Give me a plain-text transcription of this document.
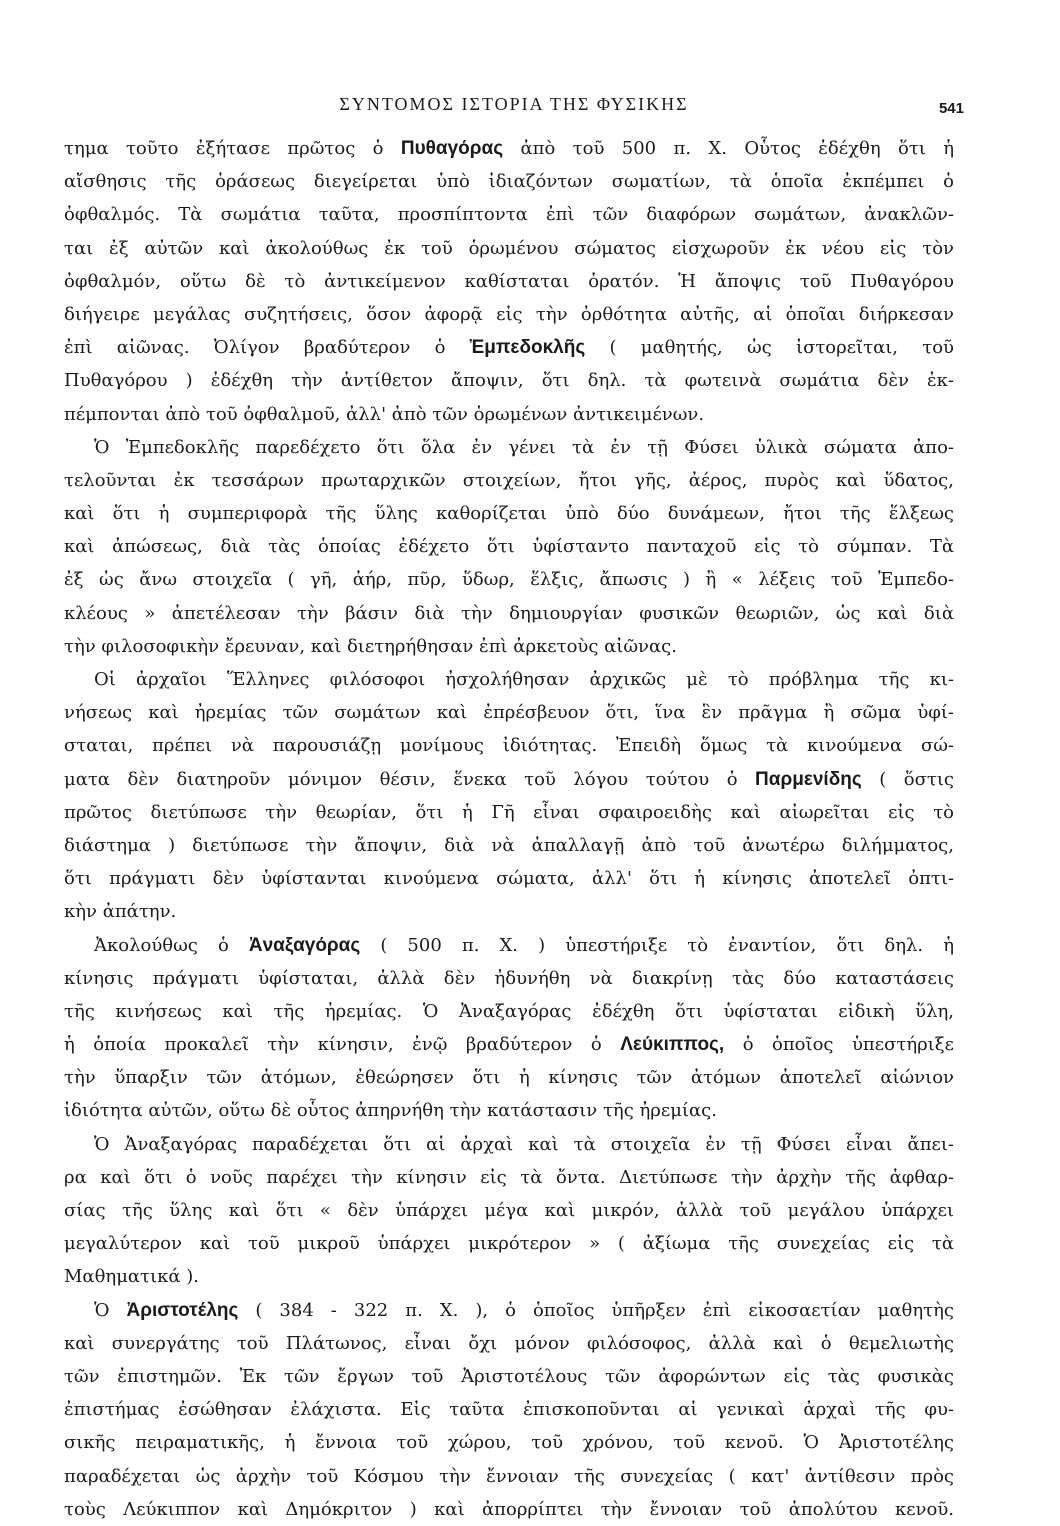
ΣΥΝΤΟΜΟΣ ΙΣΤΟΡΙΑ ΤΗΣ ΦΥΣΙΚΗΣ	541
τημα τοῦτο ἐξήτασε πρῶτος ὁ Πυθαγόρας ἀπὸ τοῦ 500 π. Χ. Οὗτος ἐδέχθη ὅτι ἡ
αἴσθησις τῆς ὁράσεως διεγείρεται ὑπὸ ἰδιαζόντων σωματίων, τὰ ὁποῖα ἐκπέμπει ὁ
ὀφθαλμός. Τὰ σωμάτια ταῦτα, προσπίπτοντα ἐπὶ τῶν διαφόρων σωμάτων, ἀνακλῶν-
ται ἐξ αὐτῶν καὶ ἀκολούθως ἐκ τοῦ ὁρωμένου σώματος εἰσχωροῦν ἐκ νέου εἰς τὸν
ὀφθαλμόν, οὕτω δὲ τὸ ἀντικείμενον καθίσταται ὁρατόν. Ἡ ἄποψις τοῦ Πυθαγόρου
διήγειρε μεγάλας συζητήσεις, ὅσον ἀφορᾷ εἰς τὴν ὀρθότητα αὐτῆς, αἱ ὁποῖαι διήρκεσαν
ἐπὶ αἰῶνας. Ὀλίγον βραδύτερον ὁ Ἐμπεδοκλῆς ( μαθητής, ὡς ἱστορεῖται, τοῦ
Πυθαγόρου ) ἐδέχθη τὴν ἀντίθετον ἄποψιν, ὅτι δηλ. τὰ φωτεινὰ σωμάτια δὲν ἐκ-
πέμπονται ἀπὸ τοῦ ὀφθαλμοῦ, ἀλλ' ἀπὸ τῶν ὁρωμένων ἀντικειμένων.
Ὁ Ἐμπεδοκλῆς παρεδέχετο ὅτι ὅλα ἐν γένει τὰ ἐν τῇ Φύσει ὑλικὰ σώματα ἀπο-
τελοῦνται ἐκ τεσσάρων πρωταρχικῶν στοιχείων, ἤτοι γῆς, ἀέρος, πυρὸς καὶ ὕδατος,
καὶ ὅτι ἡ συμπεριφορὰ τῆς ὕλης καθορίζεται ὑπὸ δύο δυνάμεων, ἤτοι τῆς ἕλξεως
καὶ ἀπώσεως, διὰ τὰς ὁποίας ἐδέχετο ὅτι ὑφίσταντο πανταχοῦ εἰς τὸ σύμπαν. Τὰ
ἐξ ὡς ἄνω στοιχεῖα ( γῆ, ἀήρ, πῦρ, ὕδωρ, ἕλξις, ἄπωσις ) ἢ « λέξεις τοῦ Ἐμπεδο-
κλέους » ἀπετέλεσαν τὴν βάσιν διὰ τὴν δημιουργίαν φυσικῶν θεωριῶν, ὡς καὶ διὰ
τὴν φιλοσοφικὴν ἔρευναν, καὶ διετηρήθησαν ἐπὶ ἀρκετοὺς αἰῶνας.
Οἱ ἀρχαῖοι Ἕλληνες φιλόσοφοι ἠσχολήθησαν ἀρχικῶς μὲ τὸ πρόβλημα τῆς κι-
νήσεως καὶ ἠρεμίας τῶν σωμάτων καὶ ἐπρέσβευον ὅτι, ἵνα ἓν πρᾶγμα ἢ σῶμα ὑφί-
σταται, πρέπει νὰ παρουσιάζῃ μονίμους ἰδιότητας. Ἐπειδὴ ὅμως τὰ κινούμενα σώ-
ματα δὲν διατηροῦν μόνιμον θέσιν, ἕνεκα τοῦ λόγου τούτου ὁ Παρμενίδης ( ὅστις
πρῶτος διετύπωσε τὴν θεωρίαν, ὅτι ἡ Γῆ εἶναι σφαιροειδὴς καὶ αἰωρεῖται εἰς τὸ
διάστημα ) διετύπωσε τὴν ἄποψιν, διὰ νὰ ἀπαλλαγῇ ἀπὸ τοῦ ἀνωτέρω διλήμματος,
ὅτι πράγματι δὲν ὑφίστανται κινούμενα σώματα, ἀλλ' ὅτι ἡ κίνησις ἀποτελεῖ ὀπτι-
κὴν ἀπάτην.
Ἀκολούθως ὁ Ἀναξαγόρας ( 500 π. Χ. ) ὑπεστήριξε τὸ ἐναντίον, ὅτι δηλ. ἡ
κίνησις πράγματι ὑφίσταται, ἀλλὰ δὲν ἠδυνήθη νὰ διακρίνῃ τὰς δύο καταστάσεις
τῆς κινήσεως καὶ τῆς ἠρεμίας. Ὁ Ἀναξαγόρας ἐδέχθη ὅτι ὑφίσταται εἰδικὴ ὕλη,
ἡ ὁποία προκαλεῖ τὴν κίνησιν, ἐνῷ βραδύτερον ὁ Λεύκιππος, ὁ ὁποῖος ὑπεστήριξε
τὴν ὕπαρξιν τῶν ἀτόμων, ἐθεώρησεν ὅτι ἡ κίνησις τῶν ἀτόμων ἀποτελεῖ αἰώνιον
ἰδιότητα αὐτῶν, οὕτω δὲ οὗτος ἀπηρνήθη τὴν κατάστασιν τῆς ἠρεμίας.
Ὁ Ἀναξαγόρας παραδέχεται ὅτι αἱ ἀρχαὶ καὶ τὰ στοιχεῖα ἐν τῇ Φύσει εἶναι ἄπει-
ρα καὶ ὅτι ὁ νοῦς παρέχει τὴν κίνησιν εἰς τὰ ὄντα. Διετύπωσε τὴν ἀρχὴν τῆς ἀφθαρ-
σίας τῆς ὕλης καὶ ὅτι « δὲν ὑπάρχει μέγα καὶ μικρόν, ἀλλὰ τοῦ μεγάλου ὑπάρχει
μεγαλύτερον καὶ τοῦ μικροῦ ὑπάρχει μικρότερον » ( ἀξίωμα τῆς συνεχείας εἰς τὰ
Μαθηματικά ).
Ὁ Ἀριστοτέλης ( 384 - 322 π. Χ. ), ὁ ὁποῖος ὑπῆρξεν ἐπὶ εἰκοσαετίαν μαθητὴς
καὶ συνεργάτης τοῦ Πλάτωνος, εἶναι ὄχι μόνον φιλόσοφος, ἀλλὰ καὶ ὁ θεμελιωτὴς
τῶν ἐπιστημῶν. Ἐκ τῶν ἔργων τοῦ Ἀριστοτέλους τῶν ἀφορώντων εἰς τὰς φυσικὰς
ἐπιστήμας ἐσώθησαν ἐλάχιστα. Εἰς ταῦτα ἐπισκοποῦνται αἱ γενικαὶ ἀρχαὶ τῆς φυ-
σικῆς πειραματικῆς, ἡ ἔννοια τοῦ χώρου, τοῦ χρόνου, τοῦ κενοῦ. Ὁ Ἀριστοτέλης
παραδέχεται ὡς ἀρχὴν τοῦ Κόσμου τὴν ἔννοιαν τῆς συνεχείας ( κατ' ἀντίθεσιν πρὸς
τοὺς Λεύκιππον καὶ Δημόκριτον ) καὶ ἀπορρίπτει τὴν ἔννοιαν τοῦ ἀπολύτου κενοῦ.
